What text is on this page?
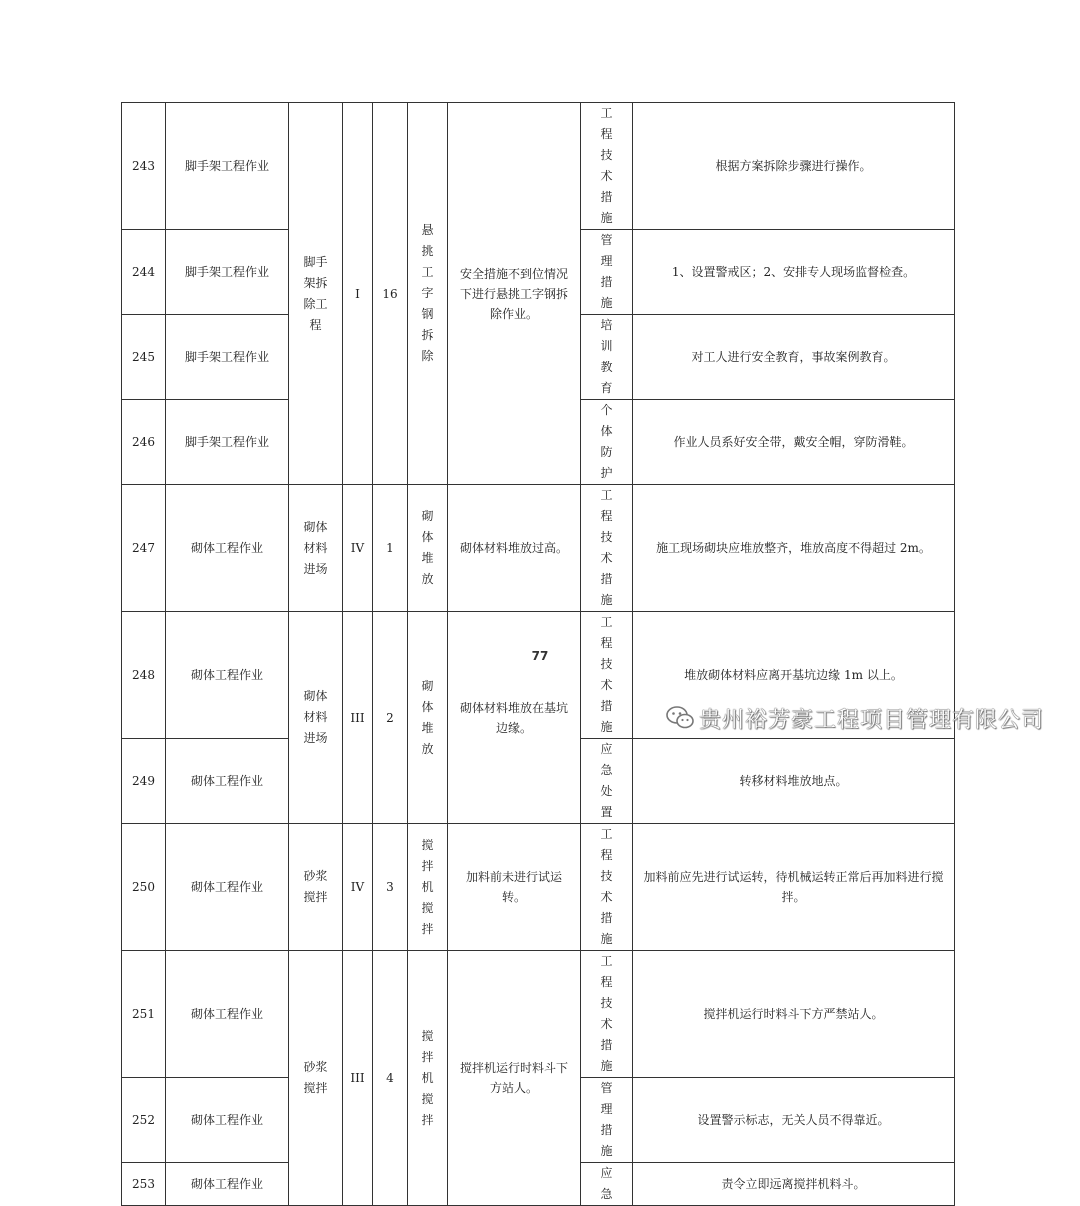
243	脚手架工程作业	脚手架拆除工程	I	16	悬挑工字钢拆除	安全措施不到位情况下进行悬挑工字钢拆除作业。	工程技术措施	根据方案拆除步骤进行操作。
244	脚手架工程作业						管理措施	1、设置警戒区；2、安排专人现场监督检查。
245	脚手架工程作业						培训教育	对工人进行安全教育，事故案例教育。
246	脚手架工程作业						个体防护	作业人员系好安全带，戴安全帽，穿防滑鞋。
247	砌体工程作业	砌体材料进场	IV	1	砌体堆放	砌体材料堆放过高。	工程技术措施	施工现场砌块应堆放整齐，堆放高度不得超过 2m。
248	砌体工程作业	砌体材料进场	III	2	砌体堆放	砌体材料堆放在基坑边缘。	工程技术措施	堆放砌体材料应离开基坑边缘 1m 以上。
249	砌体工程作业						应急处置	转移材料堆放地点。
250	砌体工程作业	砂浆搅拌	IV	3	搅拌机搅拌	加料前未进行试运转。	工程技术措施	加料前应先进行试运转，待机械运转正常后再加料进行搅拌。
251	砌体工程作业	砂浆搅拌	III	4	搅拌机搅拌	搅拌机运行时料斗下方站人。	工程技术措施	搅拌机运行时料斗下方严禁站人。
252	砌体工程作业						管理措施	设置警示标志，无关人员不得靠近。
253	砌体工程作业						应急	责令立即远离搅拌机料斗。
77
贵州裕芳豪工程项目管理有限公司
